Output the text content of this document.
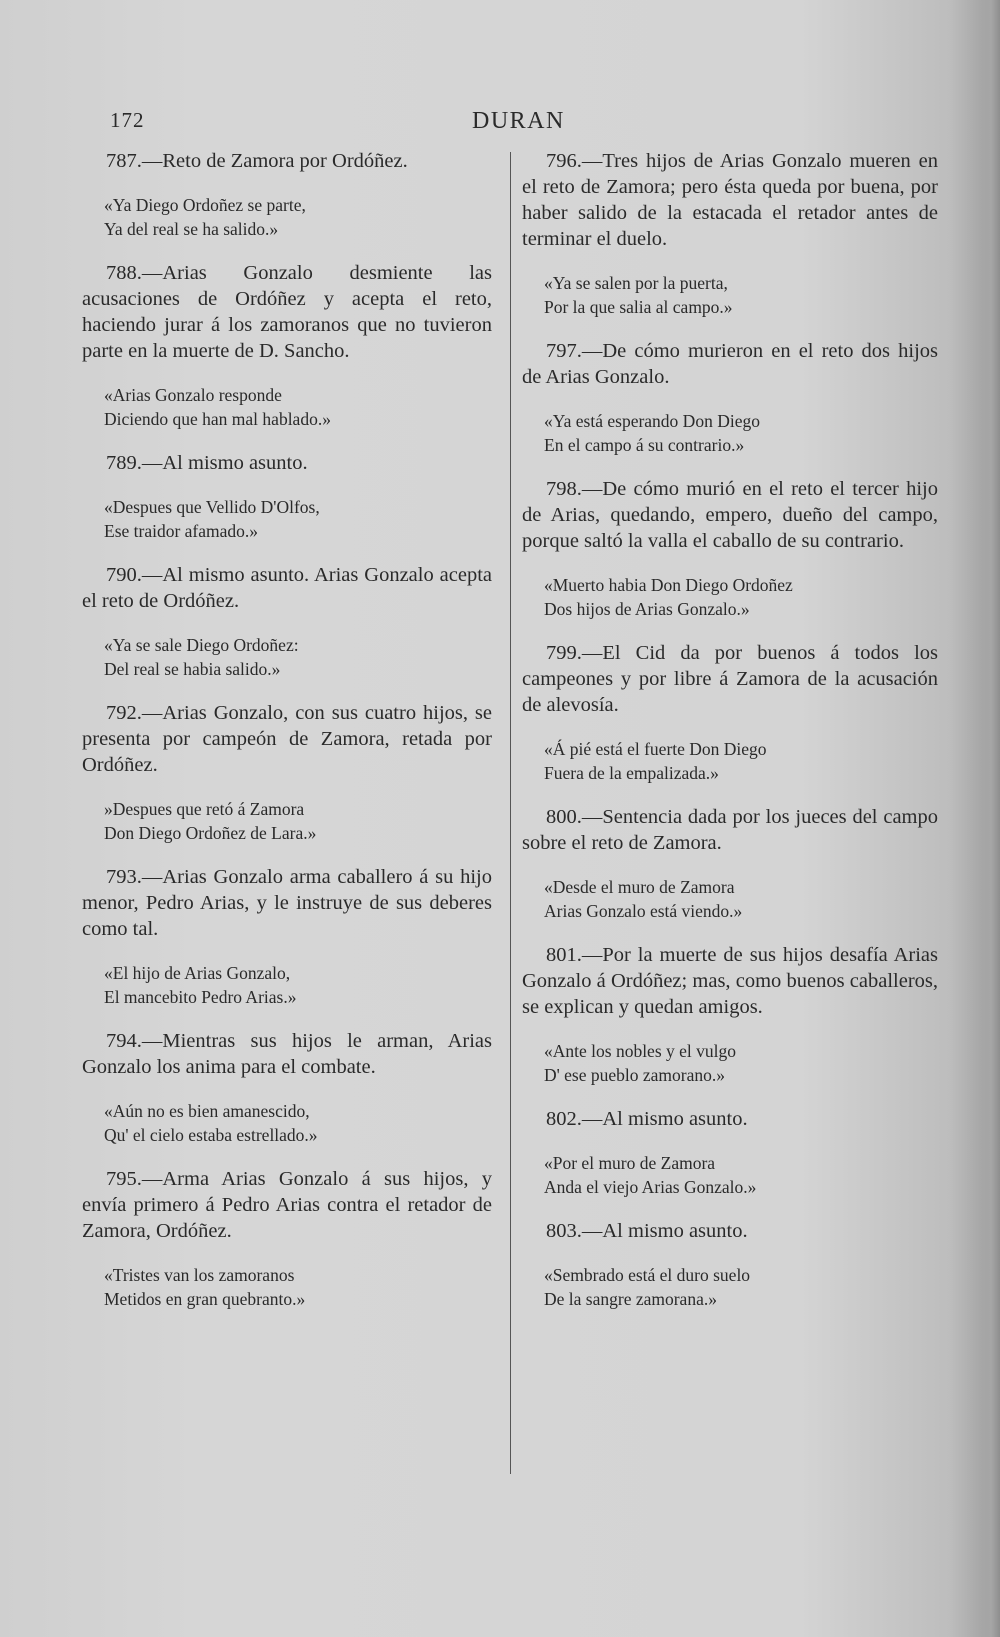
172	DURAN

787.—Reto de Zamora por Ordóñez.

«Ya Diego Ordoñez se parte,
Ya del real se ha salido.»

788.—Arias Gonzalo desmiente las acusaciones de Ordóñez y acepta el reto, haciendo jurar á los zamoranos que no tuvieron parte en la muerte de D. Sancho.

«Arias Gonzalo responde
Diciendo que han mal hablado.»

789.—Al mismo asunto.

«Despues que Vellido D'Olfos,
Ese traidor afamado.»

790.—Al mismo asunto. Arias Gonzalo acepta el reto de Ordóñez.

«Ya se sale Diego Ordoñez:
Del real se habia salido.»

792.—Arias Gonzalo, con sus cuatro hijos, se presenta por campeón de Zamora, retada por Ordóñez.

»Despues que retó á Zamora
Don Diego Ordoñez de Lara.»

793.—Arias Gonzalo arma caballero á su hijo menor, Pedro Arias, y le instruye de sus deberes como tal.

«El hijo de Arias Gonzalo,
El mancebito Pedro Arias.»

794.—Mientras sus hijos le arman, Arias Gonzalo los anima para el combate.

«Aún no es bien amanescido,
Qu' el cielo estaba estrellado.»

795.—Arma Arias Gonzalo á sus hijos, y envía primero á Pedro Arias contra el retador de Zamora, Ordóñez.

«Tristes van los zamoranos
Metidos en gran quebranto.»

796.—Tres hijos de Arias Gonzalo mueren en el reto de Zamora; pero ésta queda por buena, por haber salido de la estacada el retador antes de terminar el duelo.

«Ya se salen por la puerta,
Por la que salia al campo.»

797.—De cómo murieron en el reto dos hijos de Arias Gonzalo.

«Ya está esperando Don Diego
En el campo á su contrario.»

798.—De cómo murió en el reto el tercer hijo de Arias, quedando, empero, dueño del campo, porque saltó la valla el caballo de su contrario.

«Muerto habia Don Diego Ordoñez
Dos hijos de Arias Gonzalo.»

799.—El Cid da por buenos á todos los campeones y por libre á Zamora de la acusación de alevosía.

«Á pié está el fuerte Don Diego
Fuera de la empalizada.»

800.—Sentencia dada por los jueces del campo sobre el reto de Zamora.

«Desde el muro de Zamora
Arias Gonzalo está viendo.»

801.—Por la muerte de sus hijos desafía Arias Gonzalo á Ordóñez; mas, como buenos caballeros, se explican y quedan amigos.

«Ante los nobles y el vulgo
D' ese pueblo zamorano.»

802.—Al mismo asunto.

«Por el muro de Zamora
Anda el viejo Arias Gonzalo.»

803.—Al mismo asunto.

«Sembrado está el duro suelo
De la sangre zamorana.»
